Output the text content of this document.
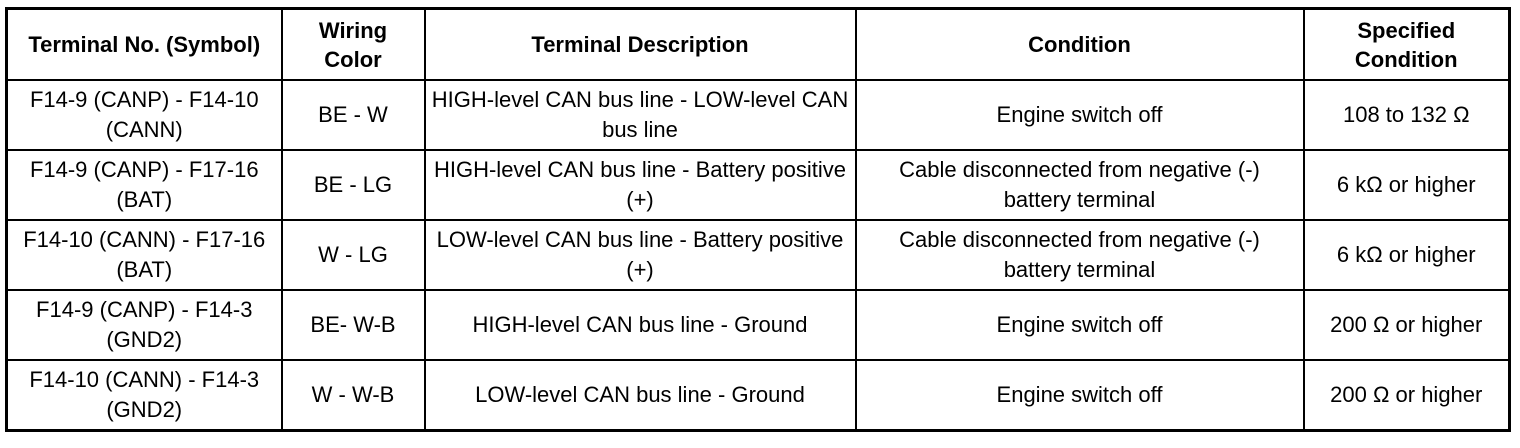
Terminal No. (Symbol)	Wiring Color	Terminal Description	Condition	Specified Condition
F14-9 (CANP) - F14-10 (CANN)	BE - W	HIGH-level CAN bus line - LOW-level CAN bus line	Engine switch off	108 to 132 Ω
F14-9 (CANP) - F17-16 (BAT)	BE - LG	HIGH-level CAN bus line - Battery positive (+)	Cable disconnected from negative (-) battery terminal	6 kΩ or higher
F14-10 (CANN) - F17-16 (BAT)	W - LG	LOW-level CAN bus line - Battery positive (+)	Cable disconnected from negative (-) battery terminal	6 kΩ or higher
F14-9 (CANP) - F14-3 (GND2)	BE- W-B	HIGH-level CAN bus line - Ground	Engine switch off	200 Ω or higher
F14-10 (CANN) - F14-3 (GND2)	W - W-B	LOW-level CAN bus line - Ground	Engine switch off	200 Ω or higher
